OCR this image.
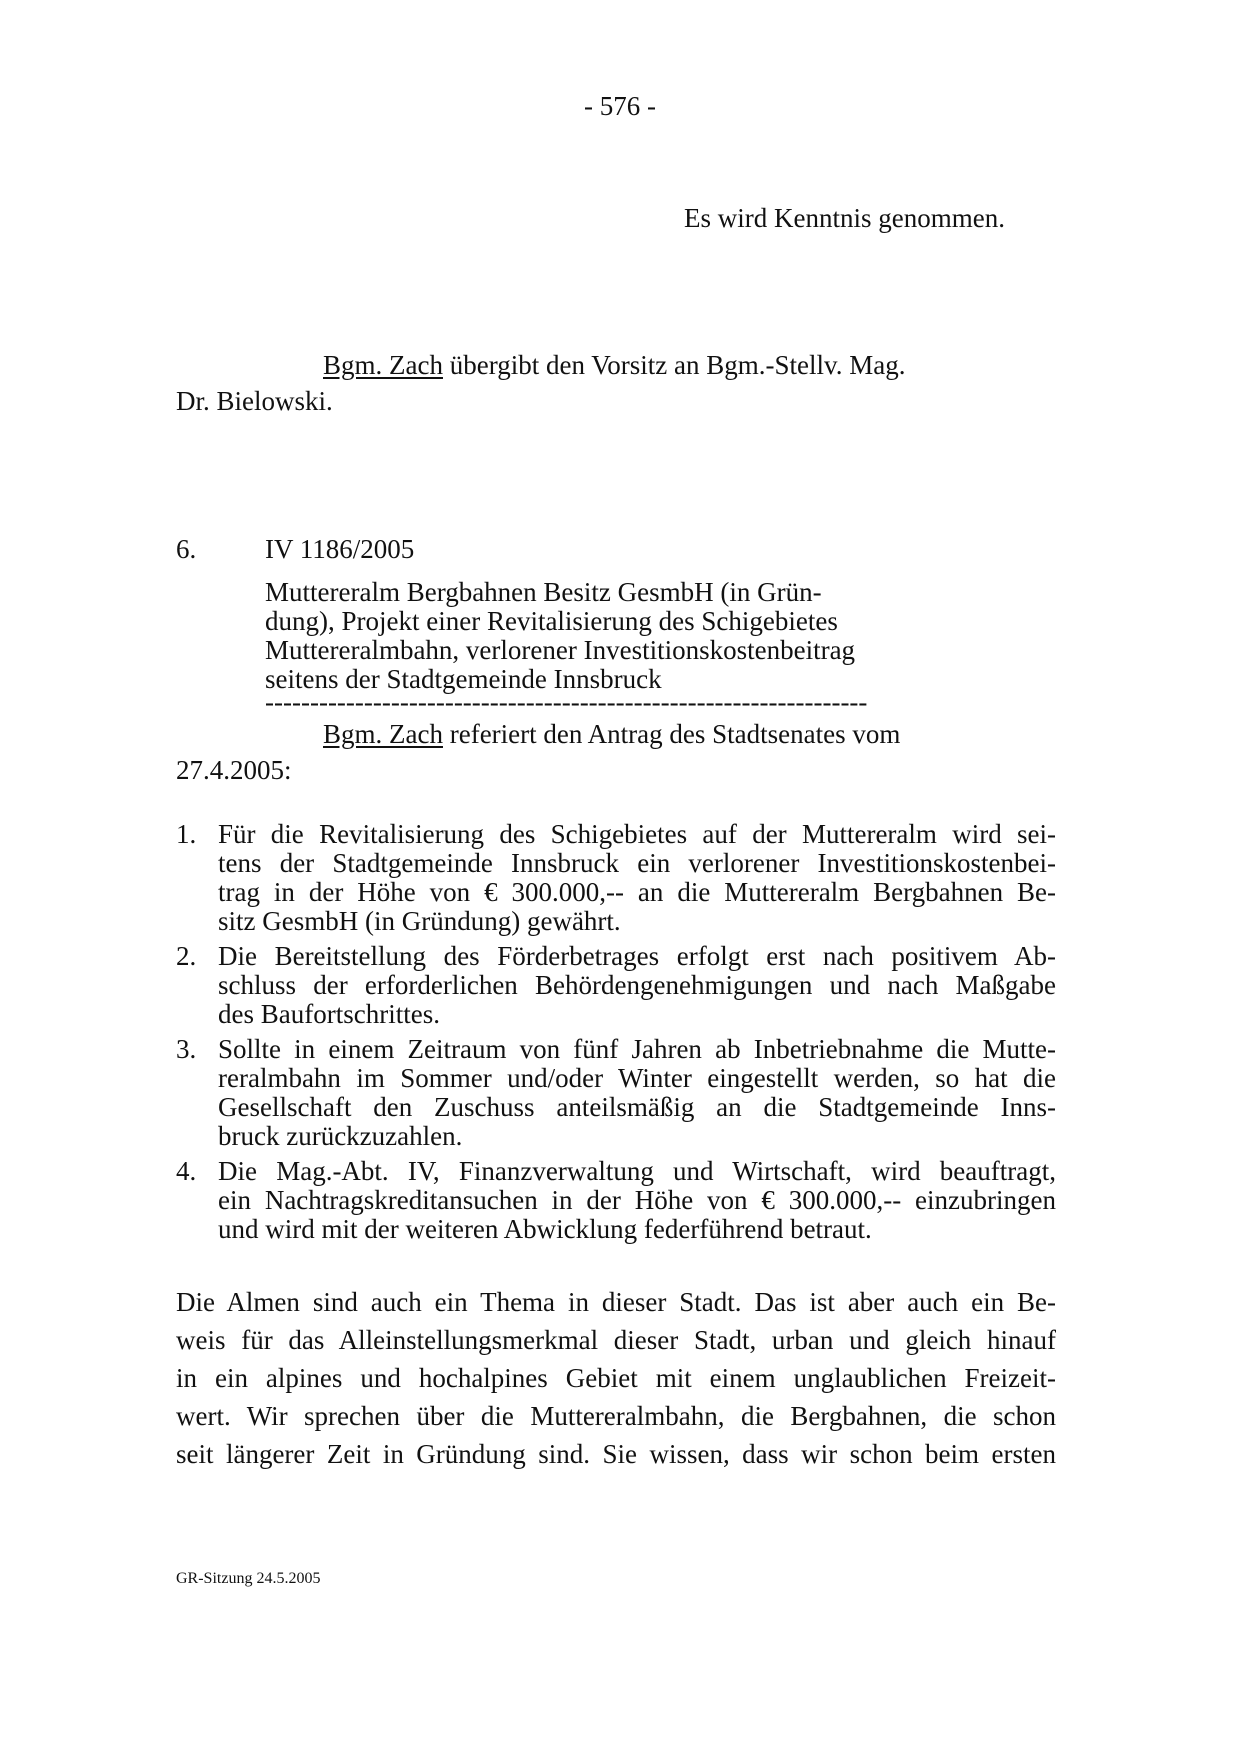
- 576 -
Es wird Kenntnis genommen.
Bgm. Zach übergibt den Vorsitz an Bgm.-Stellv. Mag.
Dr. Bielowski.
6.	IV 1186/2005
Muttereralm Bergbahnen Besitz GesmbH (in Grün-
dung), Projekt einer Revitalisierung des Schigebietes
Muttereralmbahn, verlorener Investitionskostenbeitrag
seitens der Stadtgemeinde Innsbruck
-------------------------------------------------------------------
Bgm. Zach referiert den Antrag des Stadtsenates vom
27.4.2005:
1. Für die Revitalisierung des Schigebietes auf der Muttereralm wird sei-
tens der Stadtgemeinde Innsbruck ein verlorener Investitionskostenbei-
trag in der Höhe von € 300.000,-- an die Muttereralm Bergbahnen Be-
sitz GesmbH (in Gründung) gewährt.
2. Die Bereitstellung des Förderbetrages erfolgt erst nach positivem Ab-
schluss der erforderlichen Behördengenehmigungen und nach Maßgabe
des Baufortschrittes.
3. Sollte in einem Zeitraum von fünf Jahren ab Inbetriebnahme die Mutte-
reralmbahn im Sommer und/oder Winter eingestellt werden, so hat die
Gesellschaft den Zuschuss anteilsmäßig an die Stadtgemeinde Inns-
bruck zurückzuzahlen.
4. Die Mag.-Abt. IV, Finanzverwaltung und Wirtschaft, wird beauftragt,
ein Nachtragskreditansuchen in der Höhe von € 300.000,-- einzubringen
und wird mit der weiteren Abwicklung federführend betraut.
Die Almen sind auch ein Thema in dieser Stadt. Das ist aber auch ein Be-
weis für das Alleinstellungsmerkmal dieser Stadt, urban und gleich hinauf
in ein alpines und hochalpines Gebiet mit einem unglaublichen Freizeit-
wert. Wir sprechen über die Muttereralmbahn, die Bergbahnen, die schon
seit längerer Zeit in Gründung sind. Sie wissen, dass wir schon beim ersten
GR-Sitzung 24.5.2005
